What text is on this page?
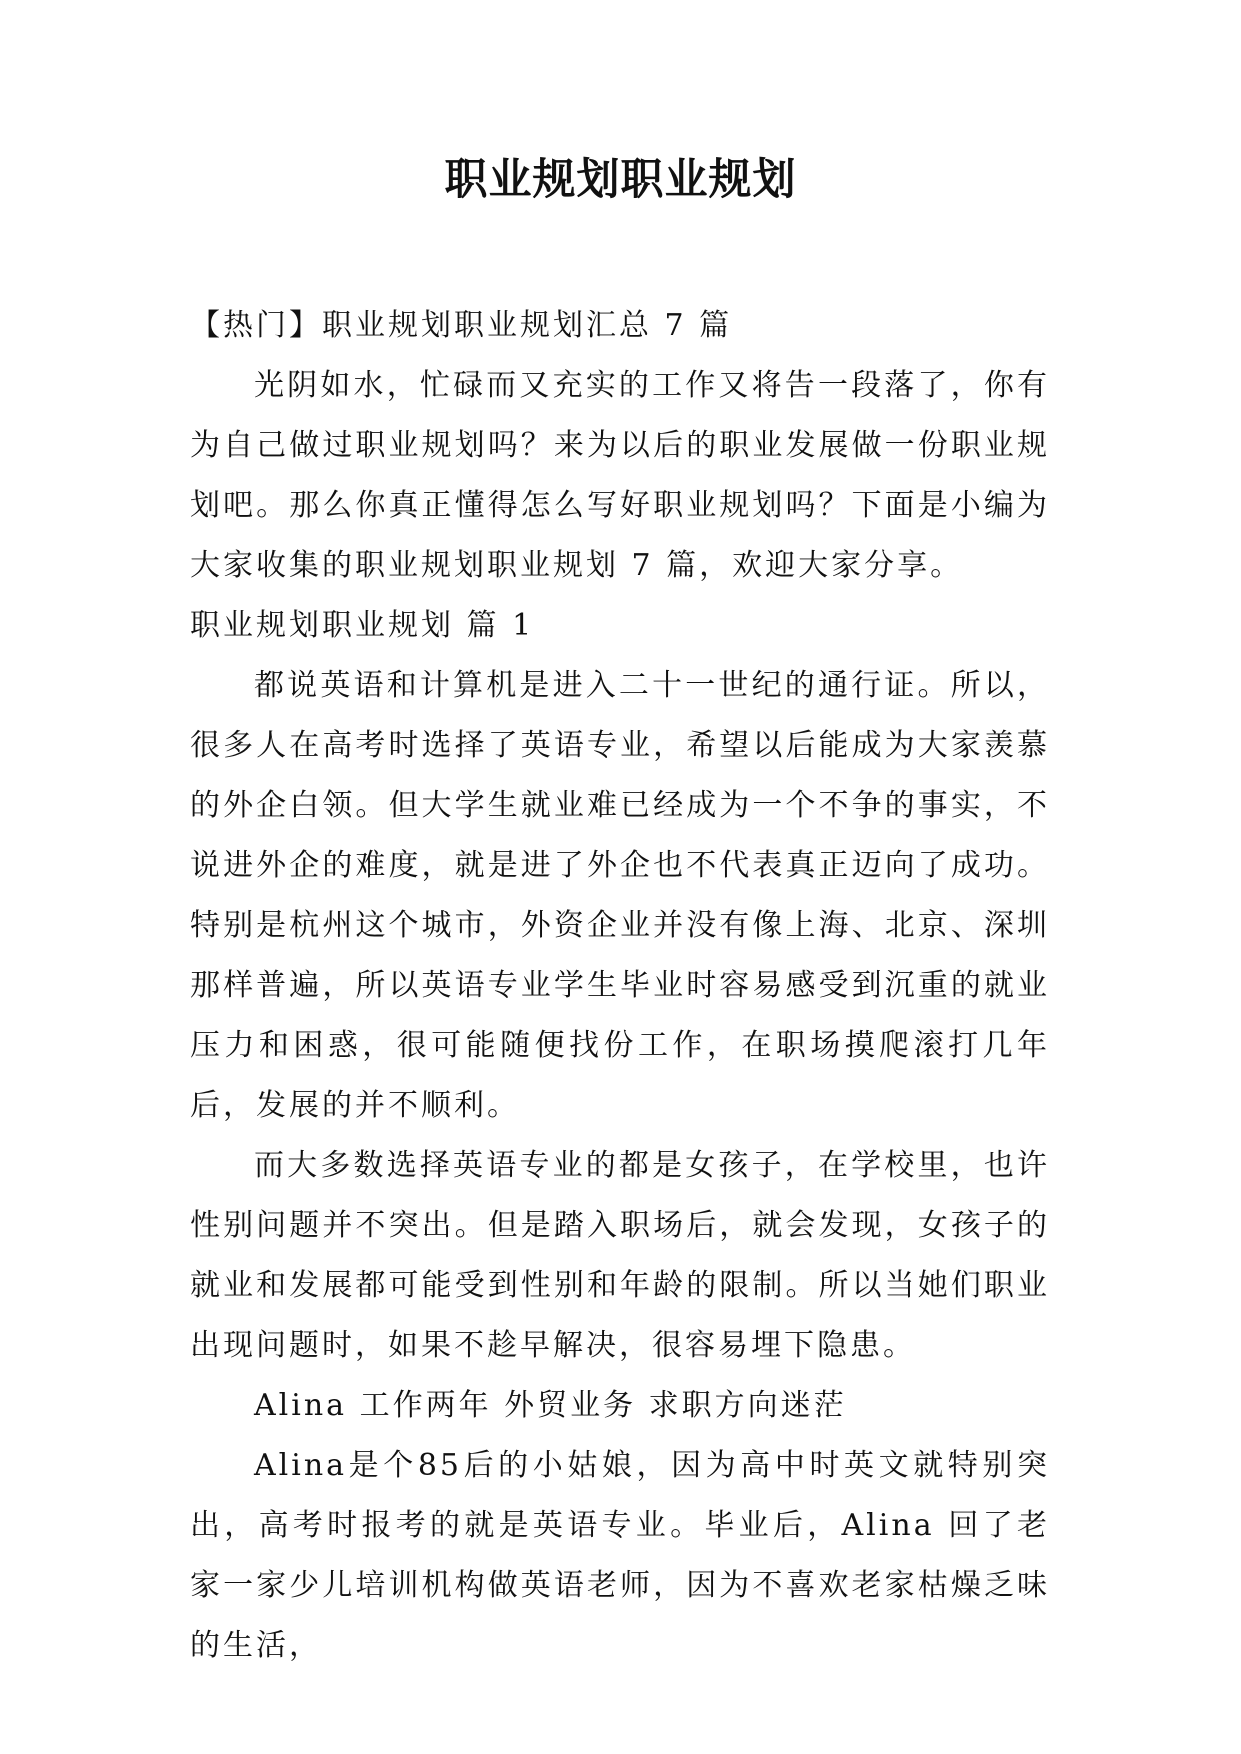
职业规划职业规划

【热门】职业规划职业规划汇总 7 篇

光阴如水，忙碌而又充实的工作又将告一段落了，你有为自己做过职业规划吗？来为以后的职业发展做一份职业规划吧。那么你真正懂得怎么写好职业规划吗？下面是小编为大家收集的职业规划职业规划 7 篇，欢迎大家分享。

职业规划职业规划 篇 1

都说英语和计算机是进入二十一世纪的通行证。所以，很多人在高考时选择了英语专业，希望以后能成为大家羡慕的外企白领。但大学生就业难已经成为一个不争的事实，不说进外企的难度，就是进了外企也不代表真正迈向了成功。特别是杭州这个城市，外资企业并没有像上海、北京、深圳那样普遍，所以英语专业学生毕业时容易感受到沉重的就业压力和困惑，很可能随便找份工作，在职场摸爬滚打几年后，发展的并不顺利。

而大多数选择英语专业的都是女孩子，在学校里，也许性别问题并不突出。但是踏入职场后，就会发现，女孩子的就业和发展都可能受到性别和年龄的限制。所以当她们职业出现问题时，如果不趁早解决，很容易埋下隐患。

Alina 工作两年 外贸业务 求职方向迷茫

Alina是个85后的小姑娘，因为高中时英文就特别突出，高考时报考的就是英语专业。毕业后，Alina 回了老家一家少儿培训机构做英语老师，因为不喜欢老家枯燥乏味的生活，
